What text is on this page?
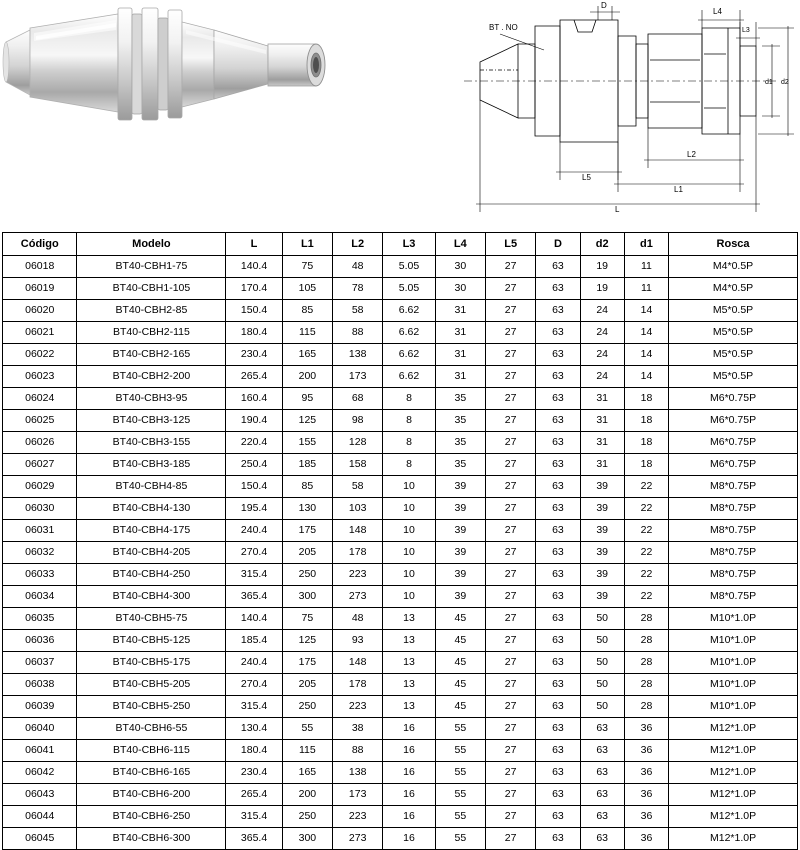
BT . NO
D
L4
L3
d1 d2
L2
L5
L1
L
Código	Modelo	L	L1	L2	L3	L4	L5	D	d2	d1	Rosca
06018	BT40-CBH1-75	140.4	75	48	5.05	30	27	63	19	11	M4*0.5P
06019	BT40-CBH1-105	170.4	105	78	5.05	30	27	63	19	11	M4*0.5P
06020	BT40-CBH2-85	150.4	85	58	6.62	31	27	63	24	14	M5*0.5P
06021	BT40-CBH2-115	180.4	115	88	6.62	31	27	63	24	14	M5*0.5P
06022	BT40-CBH2-165	230.4	165	138	6.62	31	27	63	24	14	M5*0.5P
06023	BT40-CBH2-200	265.4	200	173	6.62	31	27	63	24	14	M5*0.5P
06024	BT40-CBH3-95	160.4	95	68	8	35	27	63	31	18	M6*0.75P
06025	BT40-CBH3-125	190.4	125	98	8	35	27	63	31	18	M6*0.75P
06026	BT40-CBH3-155	220.4	155	128	8	35	27	63	31	18	M6*0.75P
06027	BT40-CBH3-185	250.4	185	158	8	35	27	63	31	18	M6*0.75P
06029	BT40-CBH4-85	150.4	85	58	10	39	27	63	39	22	M8*0.75P
06030	BT40-CBH4-130	195.4	130	103	10	39	27	63	39	22	M8*0.75P
06031	BT40-CBH4-175	240.4	175	148	10	39	27	63	39	22	M8*0.75P
06032	BT40-CBH4-205	270.4	205	178	10	39	27	63	39	22	M8*0.75P
06033	BT40-CBH4-250	315.4	250	223	10	39	27	63	39	22	M8*0.75P
06034	BT40-CBH4-300	365.4	300	273	10	39	27	63	39	22	M8*0.75P
06035	BT40-CBH5-75	140.4	75	48	13	45	27	63	50	28	M10*1.0P
06036	BT40-CBH5-125	185.4	125	93	13	45	27	63	50	28	M10*1.0P
06037	BT40-CBH5-175	240.4	175	148	13	45	27	63	50	28	M10*1.0P
06038	BT40-CBH5-205	270.4	205	178	13	45	27	63	50	28	M10*1.0P
06039	BT40-CBH5-250	315.4	250	223	13	45	27	63	50	28	M10*1.0P
06040	BT40-CBH6-55	130.4	55	38	16	55	27	63	63	36	M12*1.0P
06041	BT40-CBH6-115	180.4	115	88	16	55	27	63	63	36	M12*1.0P
06042	BT40-CBH6-165	230.4	165	138	16	55	27	63	63	36	M12*1.0P
06043	BT40-CBH6-200	265.4	200	173	16	55	27	63	63	36	M12*1.0P
06044	BT40-CBH6-250	315.4	250	223	16	55	27	63	63	36	M12*1.0P
06045	BT40-CBH6-300	365.4	300	273	16	55	27	63	63	36	M12*1.0P
